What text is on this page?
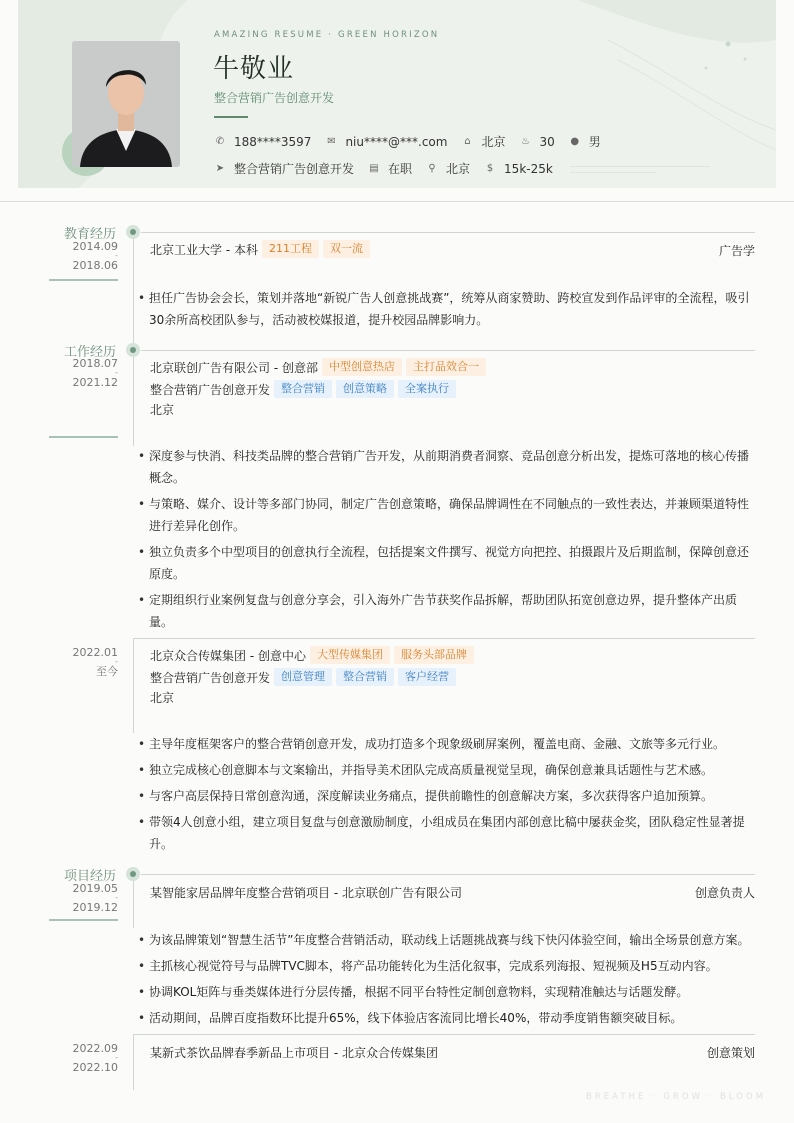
AMAZING RESUME · GREEN HORIZON
牛敬业
整合营销广告创意开发
✆ 188****3597 ✉ niu****@***.com ⌂ 北京 ♨ 30 ● 男
➤ 整合营销广告创意开发 ▤ 在职 ⚲ 北京 $ 15k-25k
教育经历
2014.09
-
2018.06
北京工业大学 - 本科	211工程	双一流	广告学
• 担任广告协会会长，策划并落地“新锐广告人创意挑战赛”，统筹从商家赞助、跨校宣发到作品评审的全流程，吸引30余所高校团队参与，活动被校媒报道，提升校园品牌影响力。
工作经历
2018.07
-
2021.12
北京联创广告有限公司 - 创意部	中型创意热店	主打品效合一
整合营销广告创意开发	整合营销	创意策略	全案执行
北京
• 深度参与快消、科技类品牌的整合营销广告开发，从前期消费者洞察、竞品创意分析出发，提炼可落地的核心传播概念。
• 与策略、媒介、设计等多部门协同，制定广告创意策略，确保品牌调性在不同触点的一致性表达，并兼顾渠道特性进行差异化创作。
• 独立负责多个中型项目的创意执行全流程，包括提案文件撰写、视觉方向把控、拍摄跟片及后期监制，保障创意还原度。
• 定期组织行业案例复盘与创意分享会，引入海外广告节获奖作品拆解，帮助团队拓宽创意边界，提升整体产出质量。
2022.01
-
至今
北京众合传媒集团 - 创意中心	大型传媒集团	服务头部品牌
整合营销广告创意开发	创意管理	整合营销	客户经营
北京
• 主导年度框架客户的整合营销创意开发，成功打造多个现象级刷屏案例，覆盖电商、金融、文旅等多元行业。
• 独立完成核心创意脚本与文案输出，并指导美术团队完成高质量视觉呈现，确保创意兼具话题性与艺术感。
• 与客户高层保持日常创意沟通，深度解读业务痛点，提供前瞻性的创意解决方案，多次获得客户追加预算。
• 带领4人创意小组，建立项目复盘与创意激励制度，小组成员在集团内部创意比稿中屡获金奖，团队稳定性显著提升。
项目经历
2019.05
-
2019.12
某智能家居品牌年度整合营销项目 - 北京联创广告有限公司	创意负责人
• 为该品牌策划“智慧生活节”年度整合营销活动，联动线上话题挑战赛与线下快闪体验空间，输出全场景创意方案。
• 主抓核心视觉符号与品牌TVC脚本，将产品功能转化为生活化叙事，完成系列海报、短视频及H5互动内容。
• 协调KOL矩阵与垂类媒体进行分层传播，根据不同平台特性定制创意物料，实现精准触达与话题发酵。
• 活动期间，品牌百度指数环比提升65%，线下体验店客流同比增长40%，带动季度销售额突破目标。
2022.09
-
2022.10
某新式茶饮品牌春季新品上市项目 - 北京众合传媒集团	创意策划
BREATHE · GROW · BLOOM
